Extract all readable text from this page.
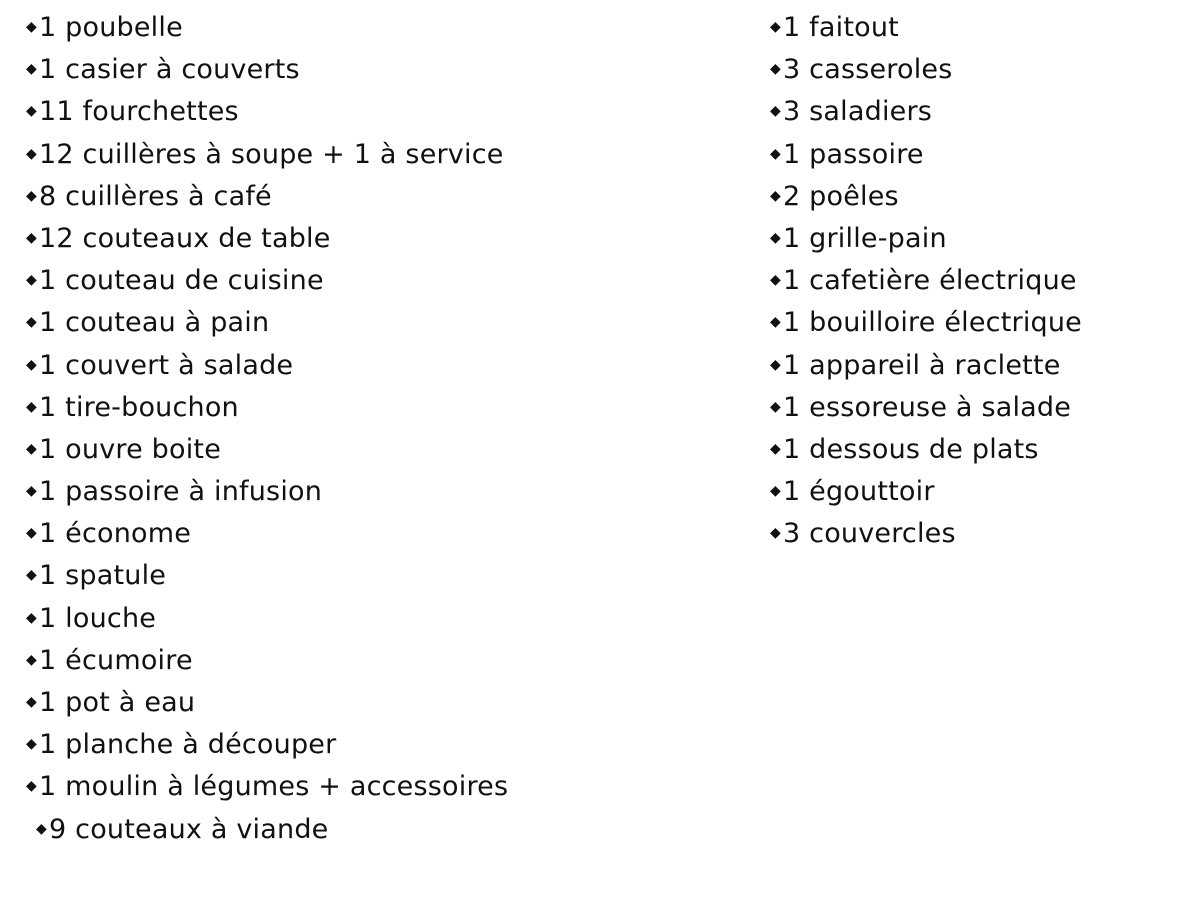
◆1 poubelle
◆1 casier à couverts
◆11 fourchettes
◆12 cuillères à soupe + 1 à service
◆8 cuillères à café
◆12 couteaux de table
◆1 couteau de cuisine
◆1 couteau à pain
◆1 couvert à salade
◆1 tire-bouchon
◆1 ouvre boite
◆1 passoire à infusion
◆1 économe
◆1 spatule
◆1 louche
◆1 écumoire
◆1 pot à eau
◆1 planche à découper
◆1 moulin à légumes + accessoires
◆9 couteaux à viande
◆1 faitout
◆3 casseroles
◆3 saladiers
◆1 passoire
◆2 poêles
◆1 grille-pain
◆1 cafetière électrique
◆1 bouilloire électrique
◆1 appareil à raclette
◆1 essoreuse à salade
◆1 dessous de plats
◆1 égouttoir
◆3 couvercles
